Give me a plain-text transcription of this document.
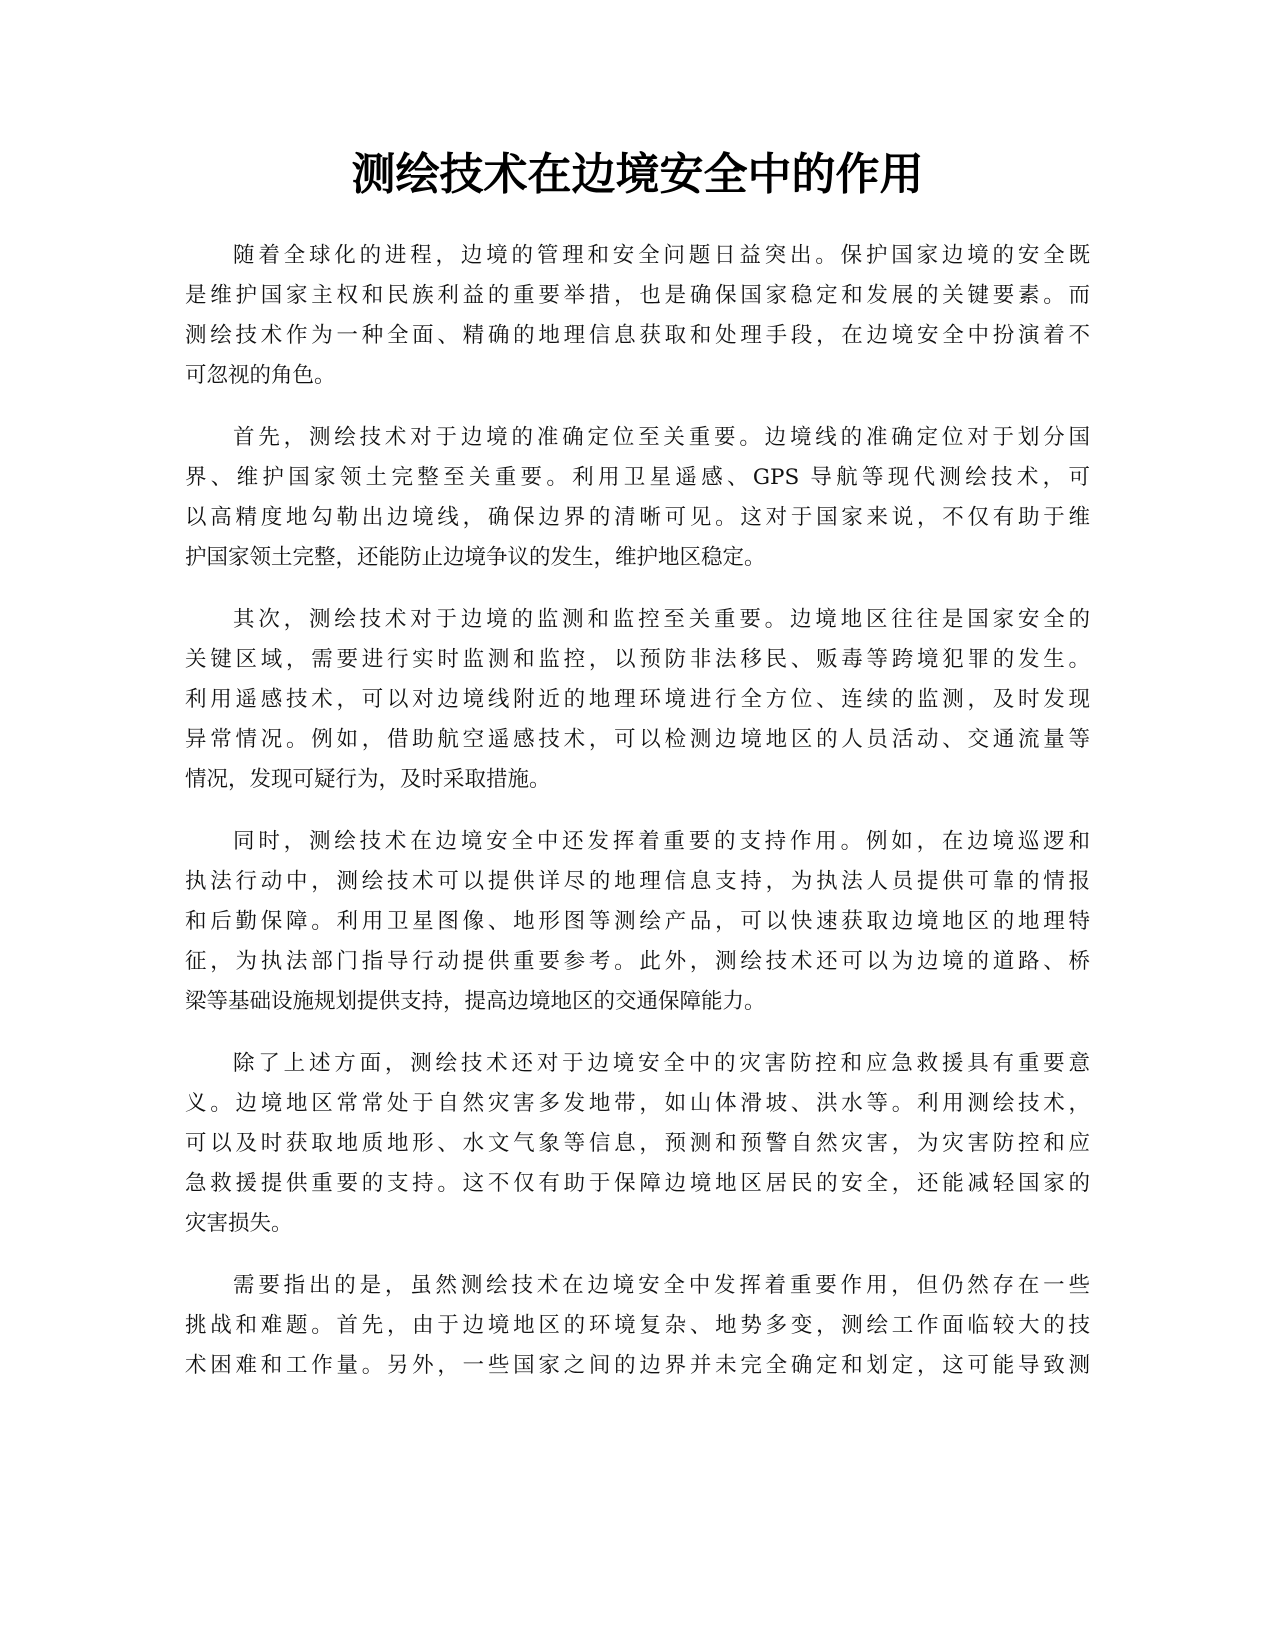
测绘技术在边境安全中的作用
随着全球化的进程，边境的管理和安全问题日益突出。保护国家边境的安全既
是维护国家主权和民族利益的重要举措，也是确保国家稳定和发展的关键要素。而
测绘技术作为一种全面、精确的地理信息获取和处理手段，在边境安全中扮演着不
可忽视的角色。
首先，测绘技术对于边境的准确定位至关重要。边境线的准确定位对于划分国
界、维护国家领土完整至关重要。利用卫星遥感、GPS 导航等现代测绘技术，可
以高精度地勾勒出边境线，确保边界的清晰可见。这对于国家来说，不仅有助于维
护国家领土完整，还能防止边境争议的发生，维护地区稳定。
其次，测绘技术对于边境的监测和监控至关重要。边境地区往往是国家安全的
关键区域，需要进行实时监测和监控，以预防非法移民、贩毒等跨境犯罪的发生。
利用遥感技术，可以对边境线附近的地理环境进行全方位、连续的监测，及时发现
异常情况。例如，借助航空遥感技术，可以检测边境地区的人员活动、交通流量等
情况，发现可疑行为，及时采取措施。
同时，测绘技术在边境安全中还发挥着重要的支持作用。例如，在边境巡逻和
执法行动中，测绘技术可以提供详尽的地理信息支持，为执法人员提供可靠的情报
和后勤保障。利用卫星图像、地形图等测绘产品，可以快速获取边境地区的地理特
征，为执法部门指导行动提供重要参考。此外，测绘技术还可以为边境的道路、桥
梁等基础设施规划提供支持，提高边境地区的交通保障能力。
除了上述方面，测绘技术还对于边境安全中的灾害防控和应急救援具有重要意
义。边境地区常常处于自然灾害多发地带，如山体滑坡、洪水等。利用测绘技术，
可以及时获取地质地形、水文气象等信息，预测和预警自然灾害，为灾害防控和应
急救援提供重要的支持。这不仅有助于保障边境地区居民的安全，还能减轻国家的
灾害损失。
需要指出的是，虽然测绘技术在边境安全中发挥着重要作用，但仍然存在一些
挑战和难题。首先，由于边境地区的环境复杂、地势多变，测绘工作面临较大的技
术困难和工作量。另外，一些国家之间的边界并未完全确定和划定，这可能导致测
